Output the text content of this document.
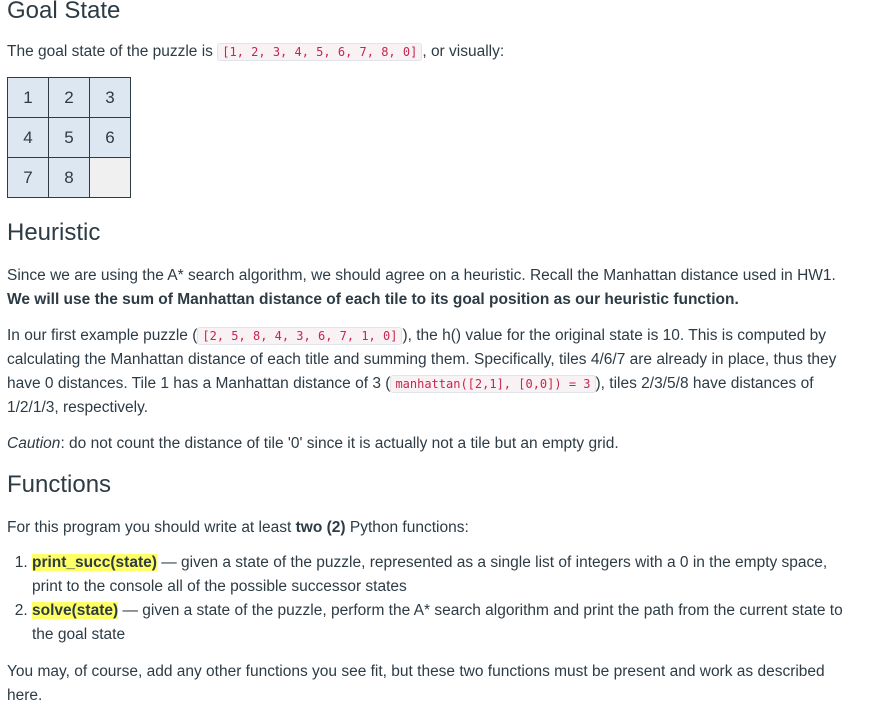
Goal State

The goal state of the puzzle is [1, 2, 3, 4, 5, 6, 7, 8, 0] , or visually:

1	2	3
4	5	6
7	8	
Heuristic

Since we are using the A* search algorithm, we should agree on a heuristic. Recall the Manhattan distance used in HW1. We will use the sum of Manhattan distance of each tile to its goal position as our heuristic function.

In our first example puzzle ( [2, 5, 8, 4, 3, 6, 7, 1, 0] ), the h() value for the original state is 10. This is computed by calculating the Manhattan distance of each title and summing them. Specifically, tiles 4/6/7 are already in place, thus they have 0 distances. Tile 1 has a Manhattan distance of 3 ( manhattan([2,1], [0,0]) = 3 ), tiles 2/3/5/8 have distances of 1/2/1/3, respectively.

Caution: do not count the distance of tile '0' since it is actually not a tile but an empty grid.

Functions

For this program you should write at least two (2) Python functions:

1. print_succ(state) — given a state of the puzzle, represented as a single list of integers with a 0 in the empty space, print to the console all of the possible successor states
2. solve(state) — given a state of the puzzle, perform the A* search algorithm and print the path from the current state to the goal state

You may, of course, add any other functions you see fit, but these two functions must be present and work as described here.
